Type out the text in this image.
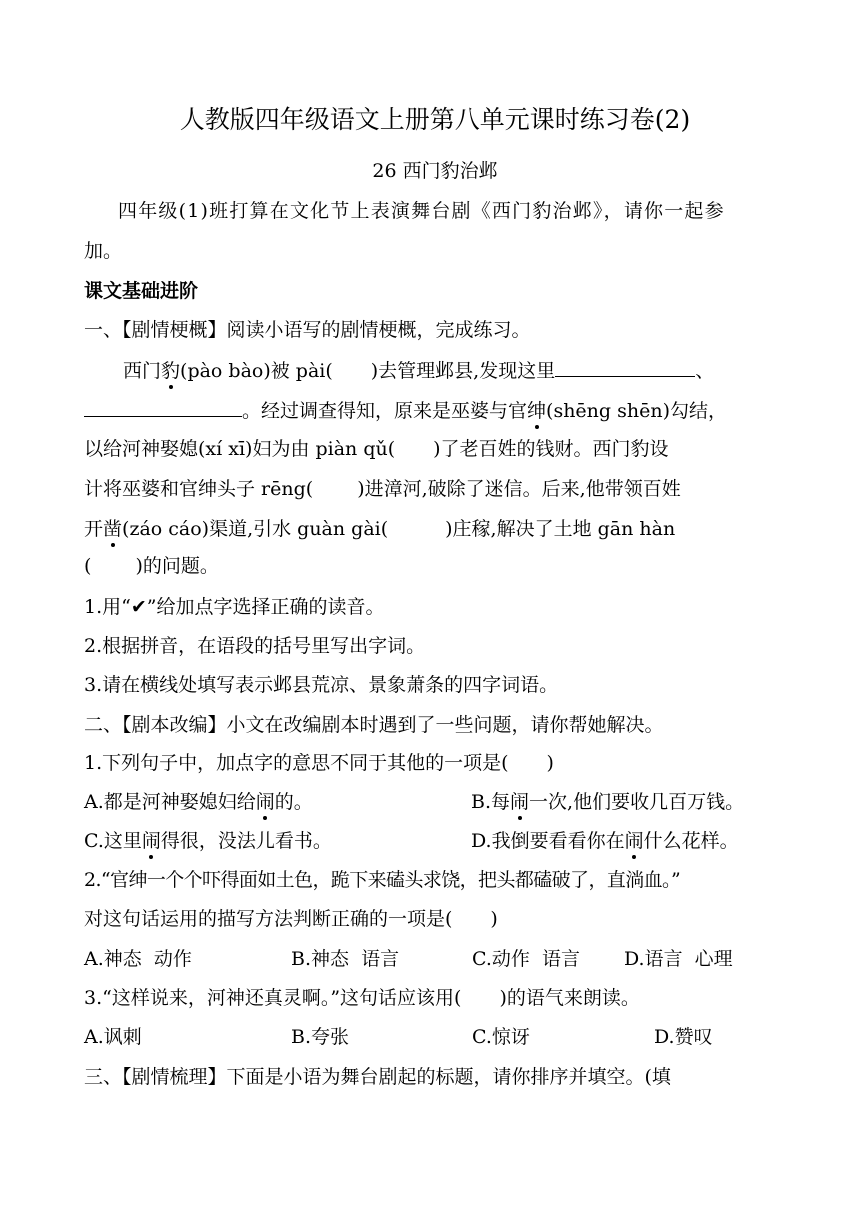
人教版四年级语文上册第八单元课时练习卷(2)
26 西门豹治邺
四年级(1)班打算在文化节上表演舞台剧《西门豹治邺》，请你一起参
加。
课文基础进阶
一、【剧情梗概】阅读小语写的剧情梗概，完成练习。
西门豹(pào bào)被 pài(　　)去管理邺县,发现这里	、
。经过调查得知，原来是巫婆与官绅(shēng shēn)勾结，
以给河神娶媳(xí xī)妇为由 piàn qǔ(　　)了老百姓的钱财。西门豹设
计将巫婆和官绅头子 rēng(　　 )进漳河,破除了迷信。后来,他带领百姓
开凿(záo cáo)渠道,引水 guàn gài(　　　)庄稼,解决了土地 gān hàn
(　　 )的问题。
1.用“✔”给加点字选择正确的读音。
2.根据拼音，在语段的括号里写出字词。
3.请在横线处填写表示邺县荒凉、景象萧条的四字词语。
二、【剧本改编】小文在改编剧本时遇到了一些问题，请你帮她解决。
1.下列句子中，加点字的意思不同于其他的一项是(　　)
A.都是河神娶媳妇给闹的。	B.每闹一次,他们要收几百万钱。
C.这里闹得很，没法儿看书。	D.我倒要看看你在闹什么花样。
2.“官绅一个个吓得面如土色，跪下来磕头求饶，把头都磕破了，直淌血。”
对这句话运用的描写方法判断正确的一项是(　　)
A.神态  动作	B.神态  语言	C.动作  语言 D.语言  心理
3.“这样说来，河神还真灵啊。”这句话应该用(　　)的语气来朗读。
A.讽刺	B.夸张	C.惊讶	D.赞叹
三、【剧情梳理】下面是小语为舞台剧起的标题，请你排序并填空。(填
